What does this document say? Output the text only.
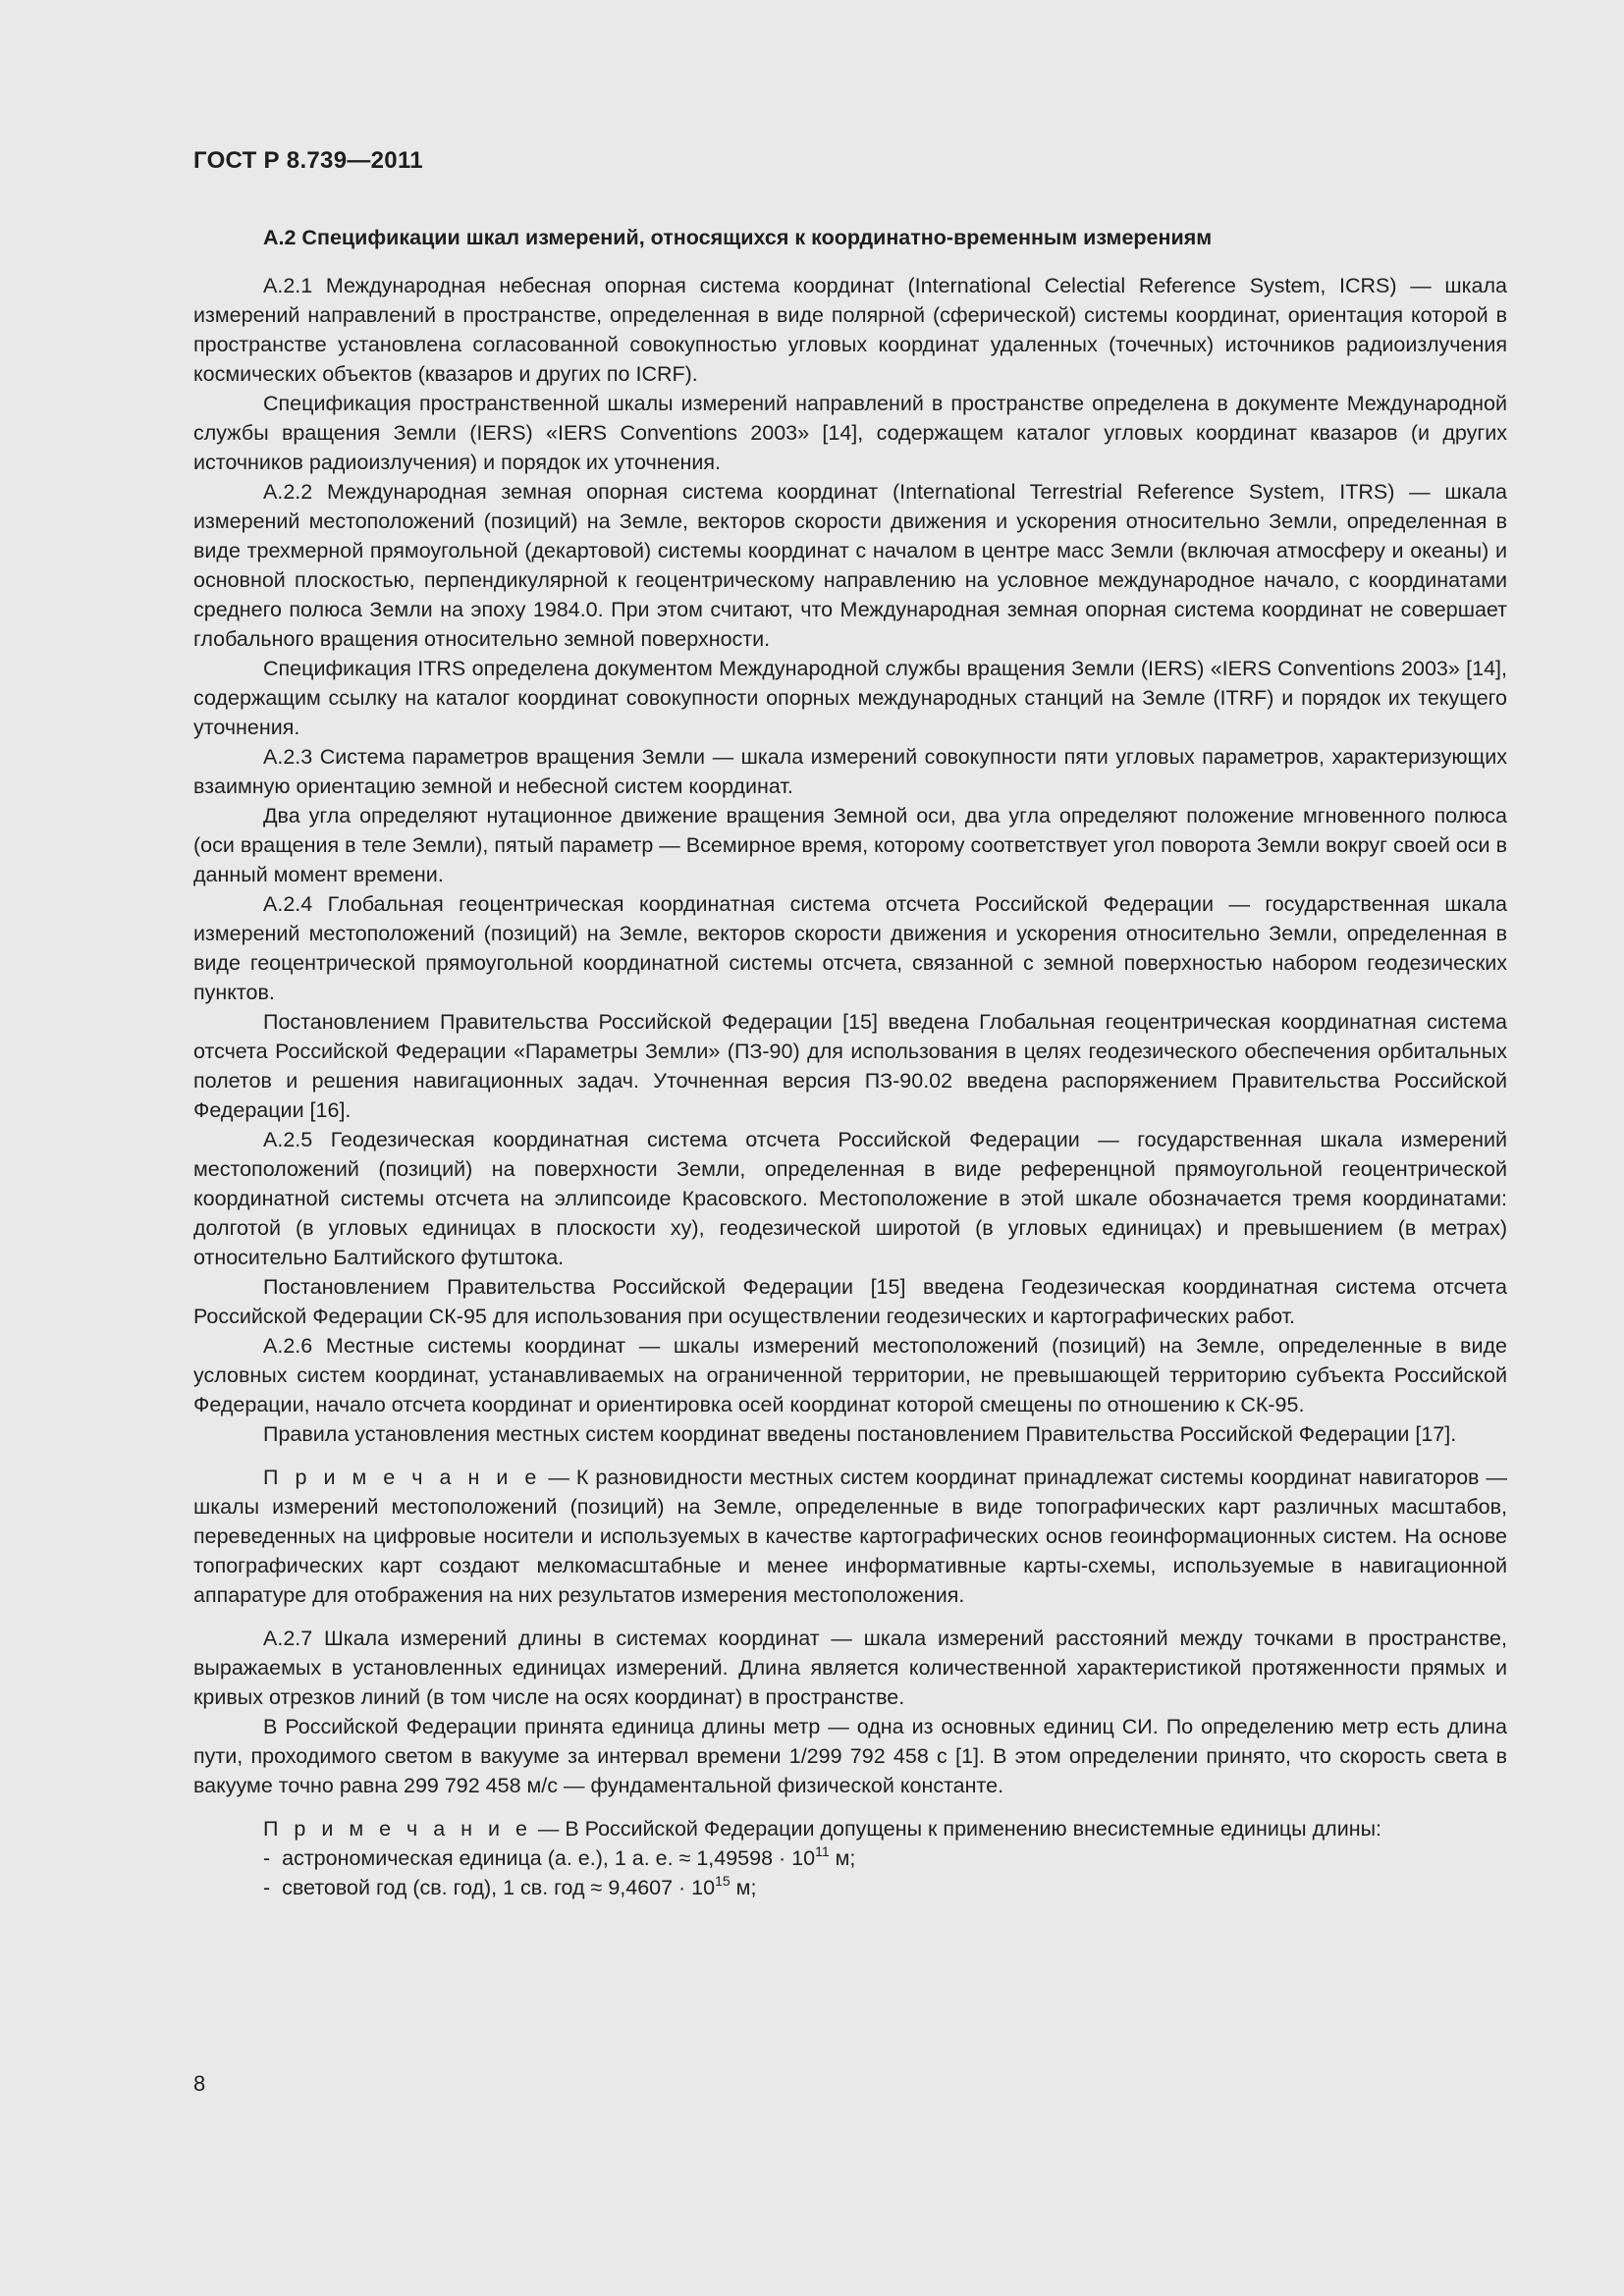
ГОСТ Р 8.739—2011
А.2 Спецификации шкал измерений, относящихся к координатно-временным измерениям

А.2.1 Международная небесная опорная система координат (International Celectial Reference System, ICRS) — шкала измерений направлений в пространстве, определенная в виде полярной (сферической) системы координат, ориентация которой в пространстве установлена согласованной совокупностью угловых координат удаленных (точечных) источников радиоизлучения космических объектов (квазаров и других по ICRF).

Спецификация пространственной шкалы измерений направлений в пространстве определена в документе Международной службы вращения Земли (IERS) «IERS Conventions 2003» [14], содержащем каталог угловых координат квазаров (и других источников радиоизлучения) и порядок их уточнения.

А.2.2 Международная земная опорная система координат (International Terrestrial Reference System, ITRS) — шкала измерений местоположений (позиций) на Земле, векторов скорости движения и ускорения относительно Земли, определенная в виде трехмерной прямоугольной (декартовой) системы координат с началом в центре масс Земли (включая атмосферу и океаны) и основной плоскостью, перпендикулярной к геоцентрическому направлению на условное международное начало, с координатами среднего полюса Земли на эпоху 1984.0. При этом считают, что Международная земная опорная система координат не совершает глобального вращения относительно земной поверхности.

Спецификация ITRS определена документом Международной службы вращения Земли (IERS) «IERS Conventions 2003» [14], содержащим ссылку на каталог координат совокупности опорных международных станций на Земле (ITRF) и порядок их текущего уточнения.

А.2.3 Система параметров вращения Земли — шкала измерений совокупности пяти угловых параметров, характеризующих взаимную ориентацию земной и небесной систем координат.

Два угла определяют нутационное движение вращения Земной оси, два угла определяют положение мгновенного полюса (оси вращения в теле Земли), пятый параметр — Всемирное время, которому соответствует угол поворота Земли вокруг своей оси в данный момент времени.

А.2.4 Глобальная геоцентрическая координатная система отсчета Российской Федерации — государственная шкала измерений местоположений (позиций) на Земле, векторов скорости движения и ускорения относительно Земли, определенная в виде геоцентрической прямоугольной координатной системы отсчета, связанной с земной поверхностью набором геодезических пунктов.

Постановлением Правительства Российской Федерации [15] введена Глобальная геоцентрическая координатная система отсчета Российской Федерации «Параметры Земли» (ПЗ-90) для использования в целях геодезического обеспечения орбитальных полетов и решения навигационных задач. Уточненная версия ПЗ-90.02 введена распоряжением Правительства Российской Федерации [16].

А.2.5 Геодезическая координатная система отсчета Российской Федерации — государственная шкала измерений местоположений (позиций) на поверхности Земли, определенная в виде референцной прямоугольной геоцентрической координатной системы отсчета на эллипсоиде Красовского. Местоположение в этой шкале обозначается тремя координатами: долготой (в угловых единицах в плоскости xy), геодезической широтой (в угловых единицах) и превышением (в метрах) относительно Балтийского футштока.

Постановлением Правительства Российской Федерации [15] введена Геодезическая координатная система отсчета Российской Федерации СК-95 для использования при осуществлении геодезических и картографических работ.

А.2.6 Местные системы координат — шкалы измерений местоположений (позиций) на Земле, определенные в виде условных систем координат, устанавливаемых на ограниченной территории, не превышающей территорию субъекта Российской Федерации, начало отсчета координат и ориентировка осей координат которой смещены по отношению к СК-95.

Правила установления местных систем координат введены постановлением Правительства Российской Федерации [17].

П р и м е ч а н и е — К разновидности местных систем координат принадлежат системы координат навигаторов — шкалы измерений местоположений (позиций) на Земле, определенные в виде топографических карт различных масштабов, переведенных на цифровые носители и используемых в качестве картографических основ геоинформационных систем. На основе топографических карт создают мелкомасштабные и менее информативные карты-схемы, используемые в навигационной аппаратуре для отображения на них результатов измерения местоположения.

А.2.7 Шкала измерений длины в системах координат — шкала измерений расстояний между точками в пространстве, выражаемых в установленных единицах измерений. Длина является количественной характеристикой протяженности прямых и кривых отрезков линий (в том числе на осях координат) в пространстве.

В Российской Федерации принята единица длины метр — одна из основных единиц СИ. По определению метр есть длина пути, проходимого светом в вакууме за интервал времени 1/299 792 458 с [1]. В этом определении принято, что скорость света в вакууме точно равна 299 792 458 м/с — фундаментальной физической константе.

П р и м е ч а н и е — В Российской Федерации допущены к применению внесистемные единицы длины:
- астрономическая единица (а. е.), 1 а. е. ≈ $1,49598 \cdot 10^{11}$ м;
- световой год (св. год), 1 св. год ≈ $9,4607 \cdot 10^{15}$ м;
8
